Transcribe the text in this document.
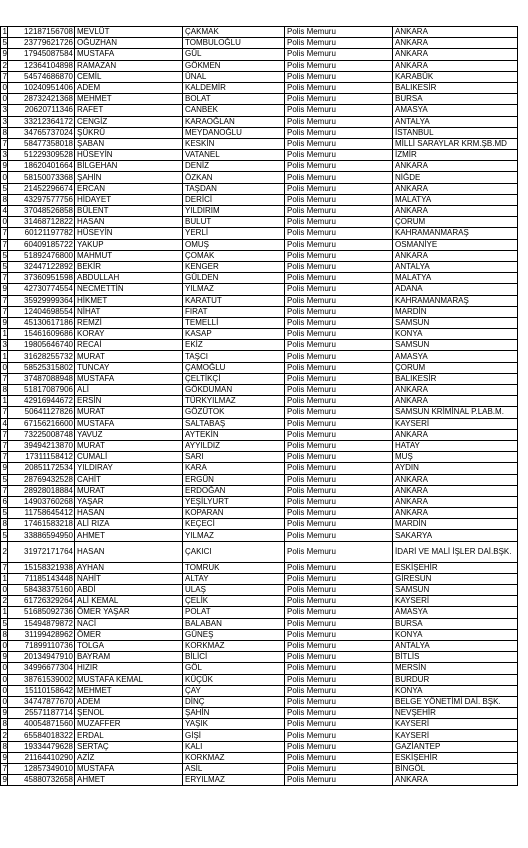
1	12187156708	MEVLÜT	ÇAKMAK	Polis Memuru	ANKARA
5	23779621726	OĞUZHAN	TOMBULOĞLU	Polis Memuru	ANKARA
9	17945087584	MUSTAFA	GÜL	Polis Memuru	ANKARA
2	12364104898	RAMAZAN	GÖKMEN	Polis Memuru	ANKARA
7	54574686870	CEMİL	ÜNAL	Polis Memuru	KARABÜK
0	10240951406	ADEM	KALDEMİR	Polis Memuru	BALIKESİR
0	28732421368	MEHMET	BOLAT	Polis Memuru	BURSA
3	20620711346	RAFET	CANBEK	Polis Memuru	AMASYA
3	33212364172	CENGİZ	KARAOĞLAN	Polis Memuru	ANTALYA
8	34765737024	ŞÜKRÜ	MEYDANOĞLU	Polis Memuru	İSTANBUL
7	58477358018	ŞABAN	KESKİN	Polis Memuru	MİLLİ SARAYLAR KRM.ŞB.MD
3	51229309528	HÜSEYİN	VATANEL	Polis Memuru	İZMİR
9	18620401664	BİLGEHAN	DENİZ	Polis Memuru	ANKARA
0	58150073368	ŞAHİN	ÖZKAN	Polis Memuru	NİĞDE
5	21452296674	ERCAN	TAŞDAN	Polis Memuru	ANKARA
8	43297577756	HİDAYET	DERİCİ	Polis Memuru	MALATYA
4	37048526858	BÜLENT	YILDIRIM	Polis Memuru	ANKARA
0	31468712822	HASAN	BULUT	Polis Memuru	ÇORUM
7	60121197782	HÜSEYİN	YERLİ	Polis Memuru	KAHRAMANMARAŞ
7	60409185722	YAKUP	OMUŞ	Polis Memuru	OSMANİYE
5	51892476800	MAHMUT	ÇOMAK	Polis Memuru	ANKARA
5	32447122892	BEKİR	KENGER	Polis Memuru	ANTALYA
7	37360951598	ABDULLAH	GÜLDEN	Polis Memuru	MALATYA
9	42730774554	NECMETTİN	YILMAZ	Polis Memuru	ADANA
7	35929999364	HİKMET	KARATUT	Polis Memuru	KAHRAMANMARAŞ
7	12404698554	NİHAT	FIRAT	Polis Memuru	MARDİN
9	45130617186	REMZİ	TEMELLİ	Polis Memuru	SAMSUN
1	15461609686	KORAY	KASAP	Polis Memuru	KONYA
3	19805646740	RECAİ	EKİZ	Polis Memuru	SAMSUN
1	31628255732	MURAT	TAŞCI	Polis Memuru	AMASYA
0	58525315802	TUNCAY	ÇAMOĞLU	Polis Memuru	ÇORUM
7	37487088948	MUSTAFA	ÇELTİKÇİ	Polis Memuru	BALIKESİR
8	51817087906	ALİ	GÖKDUMAN	Polis Memuru	ANKARA
1	42916944672	ERSİN	TÜRKYILMAZ	Polis Memuru	ANKARA
7	50641127826	MURAT	GÖZÜTOK	Polis Memuru	SAMSUN KRİMİNAL P.LAB.M.
4	67156216600	MUSTAFA	SALTABAŞ	Polis Memuru	KAYSERİ
7	73225008748	YAVUZ	AYTEKİN	Polis Memuru	ANKARA
7	39494213870	MURAT	AYYILDIZ	Polis Memuru	HATAY
7	17311158412	CUMALİ	SARI	Polis Memuru	MUŞ
9	20851172534	YILDIRAY	KARA	Polis Memuru	AYDIN
5	28769432528	CAHİT	ERGÜN	Polis Memuru	ANKARA
7	28928018884	MURAT	ERDOĞAN	Polis Memuru	ANKARA
6	14903760268	YAŞAR	YEŞİLYURT	Polis Memuru	ANKARA
5	11758645412	HASAN	KOPARAN	Polis Memuru	ANKARA
8	17461583218	ALİ RIZA	KEÇECİ	Polis Memuru	MARDİN
5	33886594950	AHMET	YILMAZ	Polis Memuru	SAKARYA
2	31972171764	HASAN	ÇAKICI	Polis Memuru	İDARİ VE MALİ İŞLER DAİ.BŞK.
7	15158321938	AYHAN	TOMRUK	Polis Memuru	ESKİŞEHİR
1	71185143448	NAHİT	ALTAY	Polis Memuru	GİRESUN
0	58438375160	ABDİ	ULAŞ	Polis Memuru	SAMSUN
2	61726329264	ALİ KEMAL	ÇELİK	Polis Memuru	KAYSERİ
1	51685092736	ÖMER YAŞAR	POLAT	Polis Memuru	AMASYA
5	15494879872	NACİ	BALABAN	Polis Memuru	BURSA
8	31199428962	ÖMER	GÜNEŞ	Polis Memuru	KONYA
0	71899110736	TOLGA	KORKMAZ	Polis Memuru	ANTALYA
9	20134947910	BAYRAM	BİLİCİ	Polis Memuru	BİTLİS
0	34996677304	HIZIR	GÖL	Polis Memuru	MERSİN
0	38761539002	MUSTAFA KEMAL	KÜÇÜK	Polis Memuru	BURDUR
0	15110158642	MEHMET	ÇAY	Polis Memuru	KONYA
0	34747877670	ADEM	DİNÇ	Polis Memuru	BELGE YÖNETİMİ DAİ. BŞK.
9	25571187714	ŞENOL	ŞAHİN	Polis Memuru	NEVŞEHİR
8	40054871560	MUZAFFER	YAŞIK	Polis Memuru	KAYSERİ
2	65584018322	ERDAL	GİŞİ	Polis Memuru	KAYSERİ
8	19334479628	SERTAÇ	KALI	Polis Memuru	GAZİANTEP
9	21164410290	AZİZ	KORKMAZ	Polis Memuru	ESKİŞEHİR
7	12857349010	MUSTAFA	ASİL	Polis Memuru	BİNGÖL
9	45880732658	AHMET	ERYILMAZ	Polis Memuru	ANKARA
